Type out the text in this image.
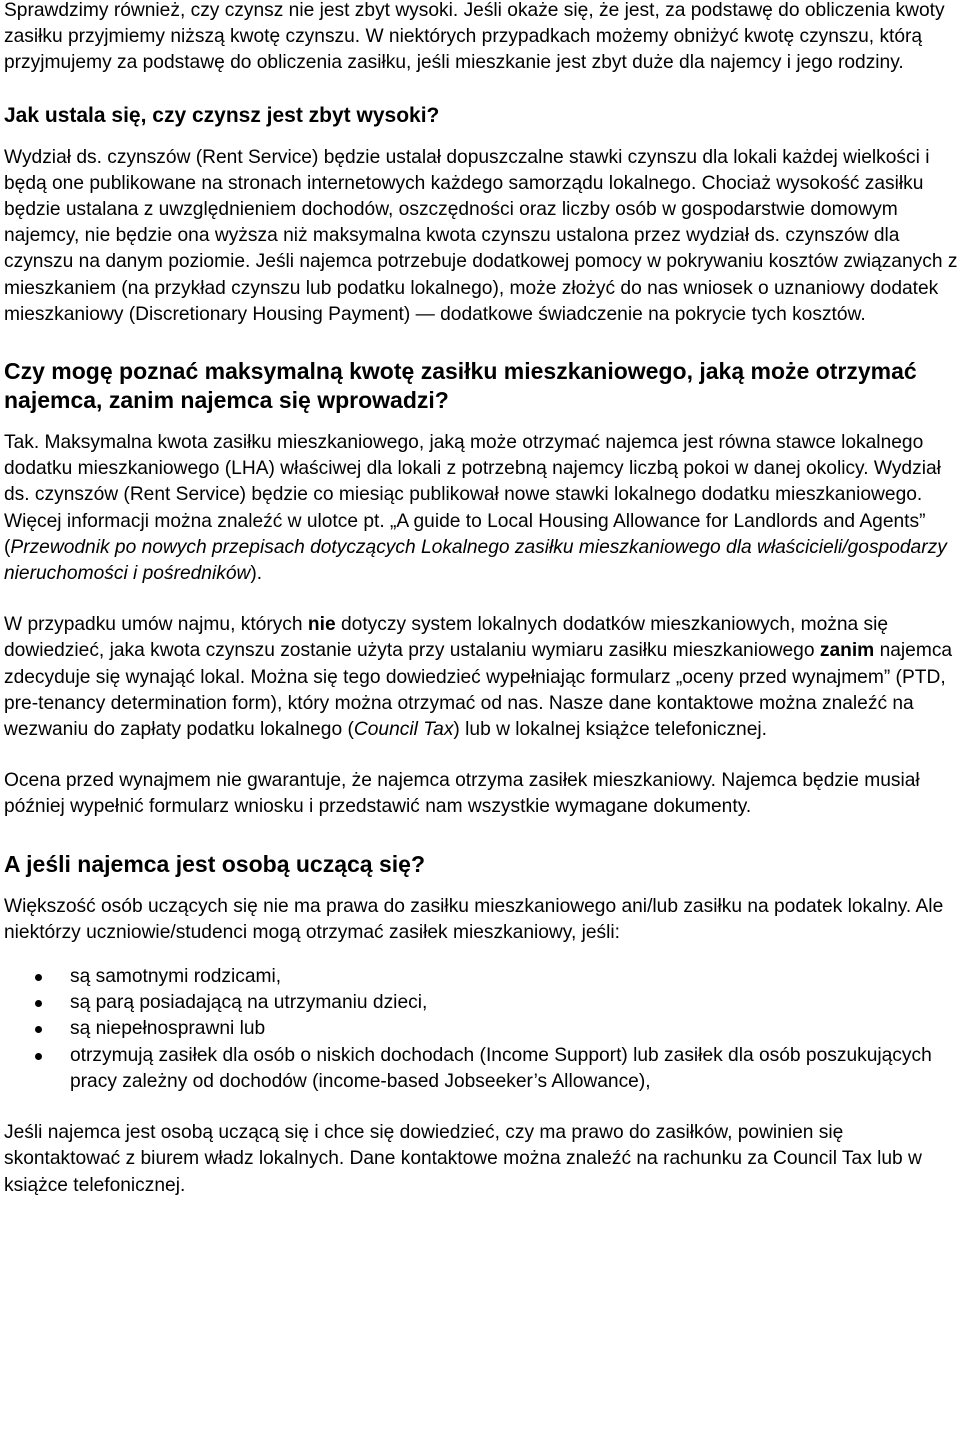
Sprawdzimy również, czy czynsz nie jest zbyt wysoki. Jeśli okaże się, że jest, za podstawę do obliczenia kwoty zasiłku przyjmiemy niższą kwotę czynszu. W niektórych przypadkach możemy obniżyć kwotę czynszu, którą przyjmujemy za podstawę do obliczenia zasiłku, jeśli mieszkanie jest zbyt duże dla najemcy i jego rodziny.

Jak ustala się, czy czynsz jest zbyt wysoki?

Wydział ds. czynszów (Rent Service) będzie ustalał dopuszczalne stawki czynszu dla lokali każdej wielkości i będą one publikowane na stronach internetowych każdego samorządu lokalnego. Chociaż wysokość zasiłku będzie ustalana z uwzględnieniem dochodów, oszczędności oraz liczby osób w gospodarstwie domowym najemcy, nie będzie ona wyższa niż maksymalna kwota czynszu ustalona przez wydział ds. czynszów dla czynszu na danym poziomie. Jeśli najemca potrzebuje dodatkowej pomocy w pokrywaniu kosztów związanych z mieszkaniem (na przykład czynszu lub podatku lokalnego), może złożyć do nas wniosek o uznaniowy dodatek mieszkaniowy (Discretionary Housing Payment) — dodatkowe świadczenie na pokrycie tych kosztów.

Czy mogę poznać maksymalną kwotę zasiłku mieszkaniowego, jaką może otrzymać najemca, zanim najemca się wprowadzi?

Tak. Maksymalna kwota zasiłku mieszkaniowego, jaką może otrzymać najemca jest równa stawce lokalnego dodatku mieszkaniowego (LHA) właściwej dla lokali z potrzebną najemcy liczbą pokoi w danej okolicy. Wydział ds. czynszów (Rent Service) będzie co miesiąc publikował nowe stawki lokalnego dodatku mieszkaniowego. Więcej informacji można znaleźć w ulotce pt. „A guide to Local Housing Allowance for Landlords and Agents” (Przewodnik po nowych przepisach dotyczących Lokalnego zasiłku mieszkaniowego dla właścicieli/gospodarzy nieruchomości i pośredników).

W przypadku umów najmu, których nie dotyczy system lokalnych dodatków mieszkaniowych, można się dowiedzieć, jaka kwota czynszu zostanie użyta przy ustalaniu wymiaru zasiłku mieszkaniowego zanim najemca zdecyduje się wynająć lokal. Można się tego dowiedzieć wypełniając formularz „oceny przed wynajmem” (PTD, pre-tenancy determination form), który można otrzymać od nas. Nasze dane kontaktowe można znaleźć na wezwaniu do zapłaty podatku lokalnego (Council Tax) lub w lokalnej książce telefonicznej.

Ocena przed wynajmem nie gwarantuje, że najemca otrzyma zasiłek mieszkaniowy. Najemca będzie musiał później wypełnić formularz wniosku i przedstawić nam wszystkie wymagane dokumenty.

A jeśli najemca jest osobą uczącą się?

Większość osób uczących się nie ma prawa do zasiłku mieszkaniowego ani/lub zasiłku na podatek lokalny. Ale niektórzy uczniowie/studenci mogą otrzymać zasiłek mieszkaniowy, jeśli:

są samotnymi rodzicami,
są parą posiadającą na utrzymaniu dzieci,
są niepełnosprawni lub
otrzymują zasiłek dla osób o niskich dochodach (Income Support) lub zasiłek dla osób poszukujących pracy zależny od dochodów (income-based Jobseeker’s Allowance),

Jeśli najemca jest osobą uczącą się i chce się dowiedzieć, czy ma prawo do zasiłków, powinien się skontaktować z biurem władz lokalnych. Dane kontaktowe można znaleźć na rachunku za Council Tax lub w książce telefonicznej.
